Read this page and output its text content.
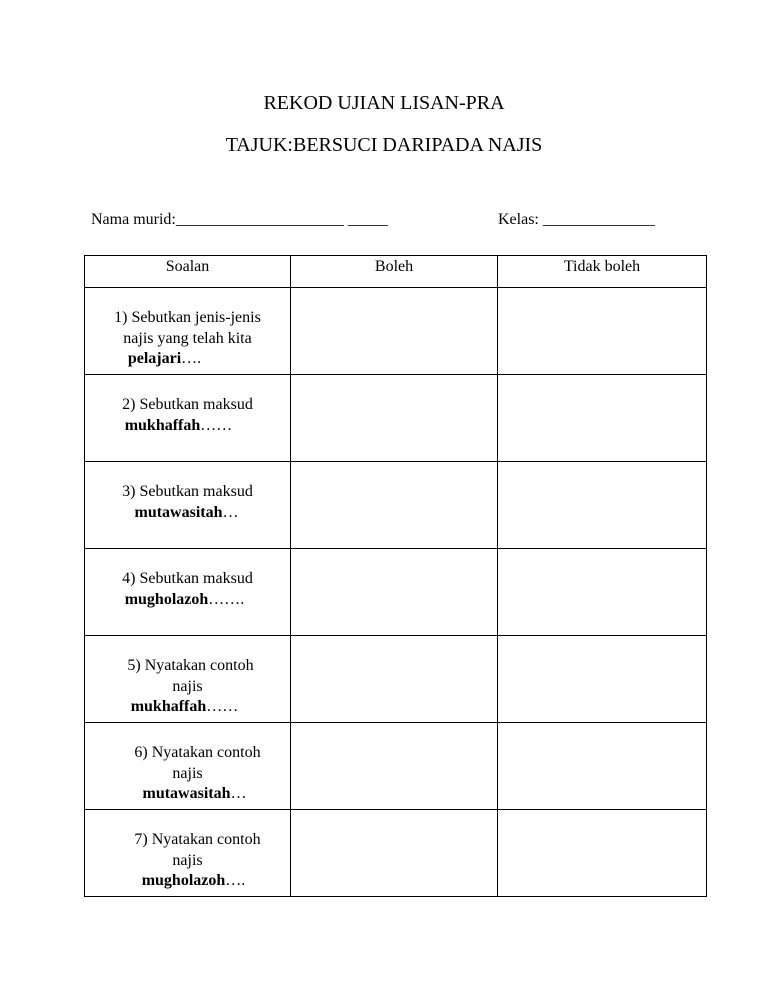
REKOD UJIAN LISAN-PRA
TAJUK:BERSUCI DARIPADA NAJIS
Nama murid:_____________________ _____	Kelas: ______________
Soalan	Boleh	Tidak boleh

1) Sebutkan jenis-jenis
najis yang telah kita
pelajari….		

2) Sebutkan maksud
mukhaffah……		

3) Sebutkan maksud
mutawasitah…		

4) Sebutkan maksud
mugholazoh…….		

5) Nyatakan contoh
najis
mukhaffah……		

6) Nyatakan contoh
najis
mutawasitah…		

7) Nyatakan contoh
najis
mugholazoh….		
